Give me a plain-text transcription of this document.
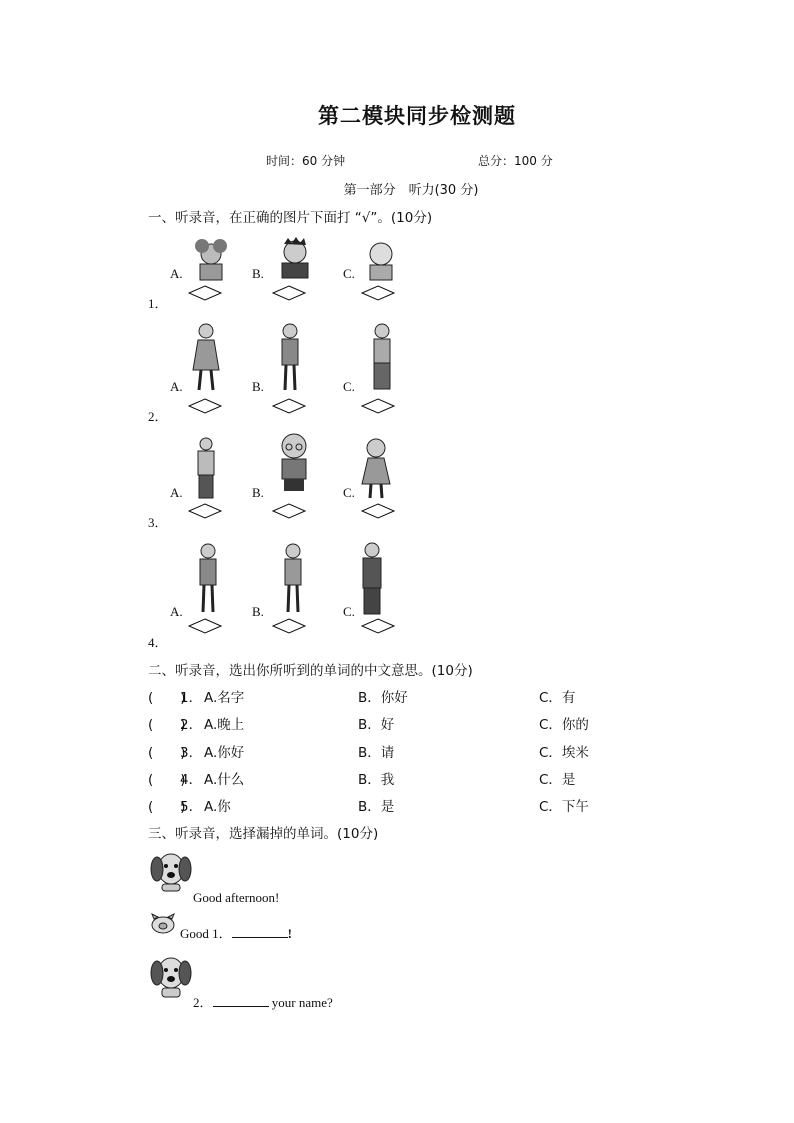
第二模块同步检测题
时间：60 分钟	总分：100 分
第一部分　听力(30 分)
一、听录音，在正确的图片下面打 “√”。(10分)
A.	B.	C.
1．
A.	B.	C.
2．
A.	B.	C.
3．
A.	B.	C.
4．
二、听录音，选出你所听到的单词的中文意思。(10分)
(　　)
1． A.名字	B．你好	C．有
(　　)
2． A.晚上	B．好	C．你的
(　　)
3． A.你好	B．请	C．埃米
(　　)
4． A.什么	B．我	C．是
(　　)
5． A.你	B．是	C．下午
三、听录音，选择漏掉的单词。(10分)
Good afternoon!
Good 1．	!
2．	your name?
